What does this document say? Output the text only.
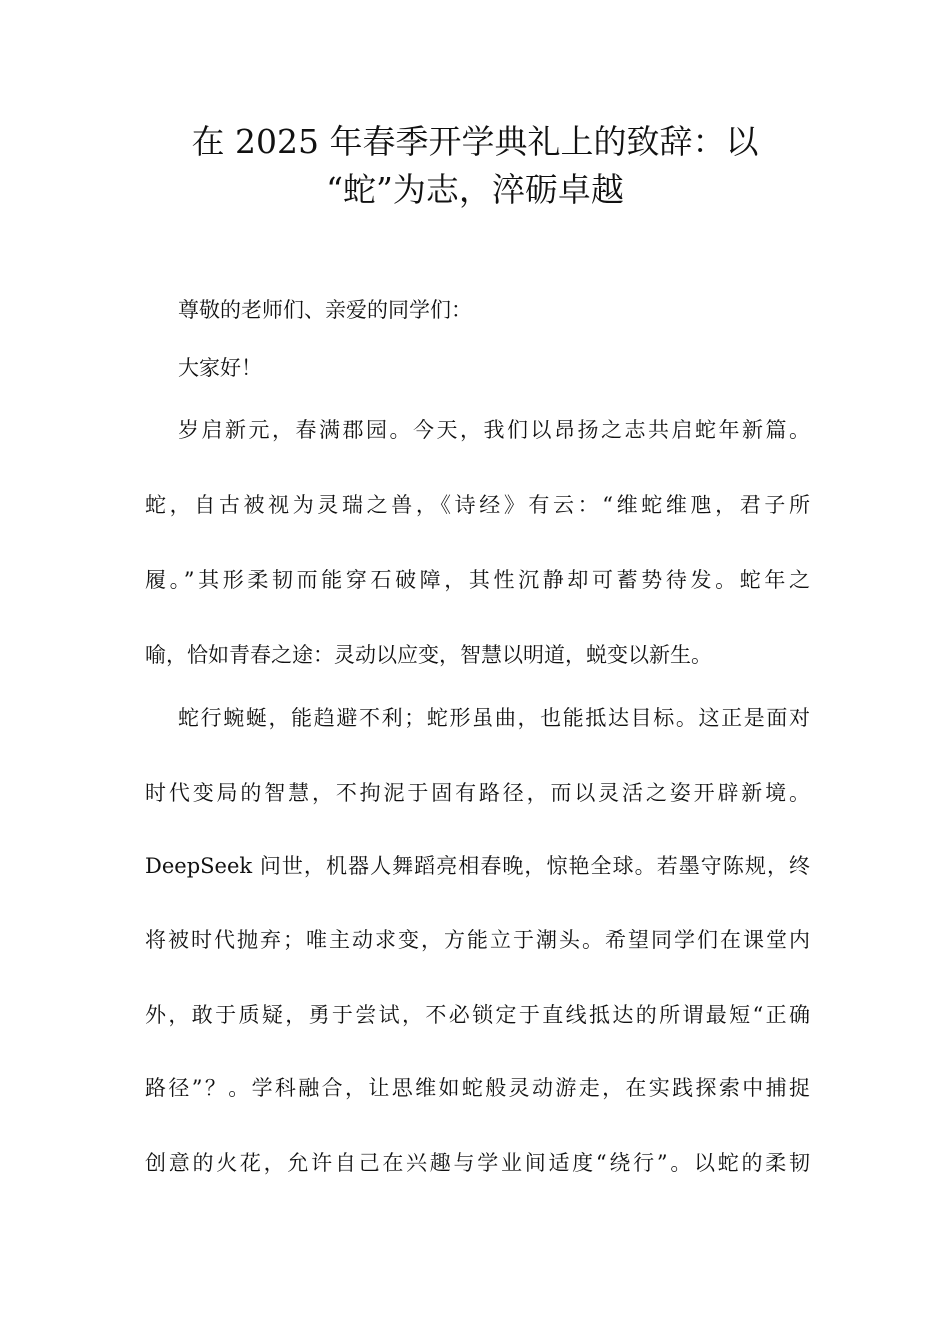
在 2025 年春季开学典礼上的致辞：以
“蛇”为志，淬砺卓越
尊敬的老师们、亲爱的同学们：
大家好！
岁启新元，春满郡园。今天，我们以昂扬之志共启蛇年新篇。
蛇，自古被视为灵瑞之兽，《诗经》有云：“维蛇维虺，君子所
履。”其形柔韧而能穿石破障，其性沉静却可蓄势待发。蛇年之
喻，恰如青春之途：灵动以应变，智慧以明道，蜕变以新生。
蛇行蜿蜒，能趋避不利；蛇形虽曲，也能抵达目标。这正是面对
时代变局的智慧，不拘泥于固有路径，而以灵活之姿开辟新境。
DeepSeek 问世，机器人舞蹈亮相春晚，惊艳全球。若墨守陈规，终
将被时代抛弃；唯主动求变，方能立于潮头。希望同学们在课堂内
外，敢于质疑，勇于尝试，不必锁定于直线抵达的所谓最短“正确
路径”？。学科融合，让思维如蛇般灵动游走，在实践探索中捕捉
创意的火花，允许自己在兴趣与学业间适度“绕行”。以蛇的柔韧
